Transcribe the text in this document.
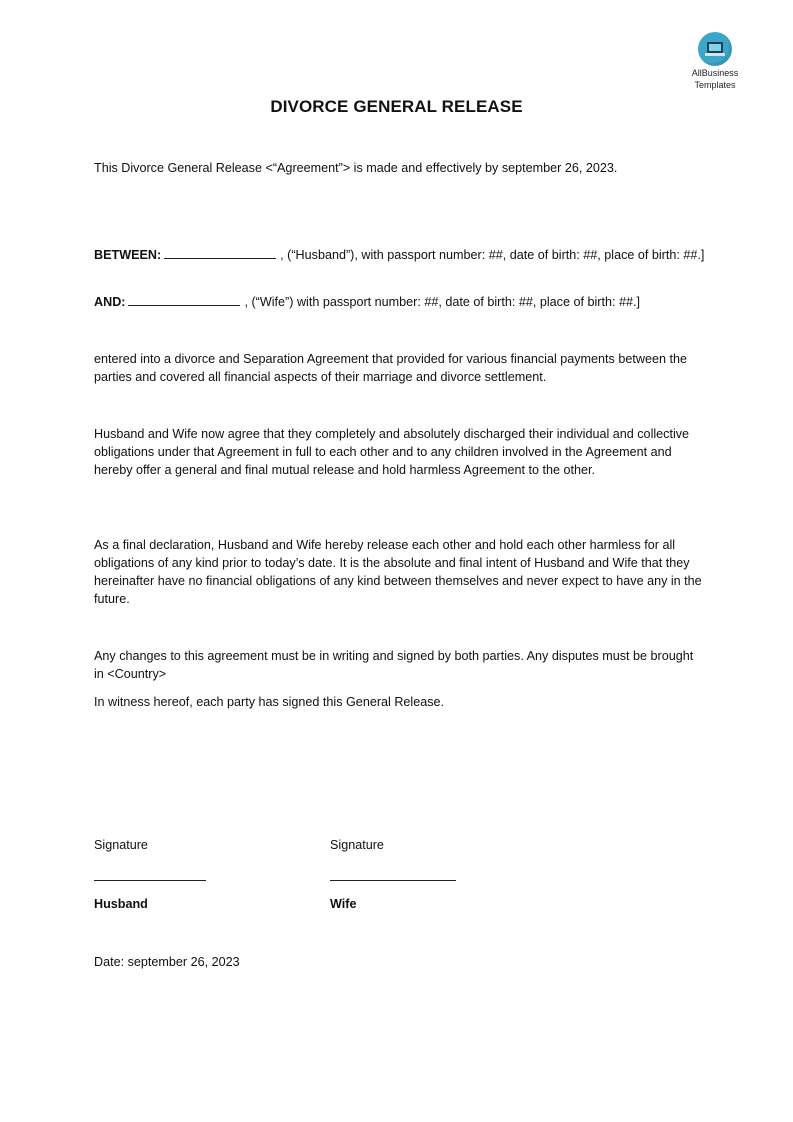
AllBusiness
Templates
DIVORCE GENERAL RELEASE

This Divorce General Release <“Agreement”> is made and effectively by september 26, 2023.

BETWEEN:	, (“Husband”), with passport number: ##, date of birth: ##, place of birth: ##.]

AND:	, (“Wife”) with passport number: ##, date of birth: ##, place of birth: ##.]

entered into a divorce and Separation Agreement that provided for various financial payments between the parties and covered all financial aspects of their marriage and divorce settlement.

Husband and Wife now agree that they completely and absolutely discharged their individual and collective obligations under that Agreement in full to each other and to any children involved in the Agreement and hereby offer a general and final mutual release and hold harmless Agreement to the other.

As a final declaration, Husband and Wife hereby release each other and hold each other harmless for all obligations of any kind prior to today’s date. It is the absolute and final intent of Husband and Wife that they hereinafter have no financial obligations of any kind between themselves and never expect to have any in the future.

Any changes to this agreement must be in writing and signed by both parties. Any disputes must be brought in <Country>

In witness hereof, each party has signed this General Release.

Signature
Husband
Signature
Wife

Date: september 26, 2023
